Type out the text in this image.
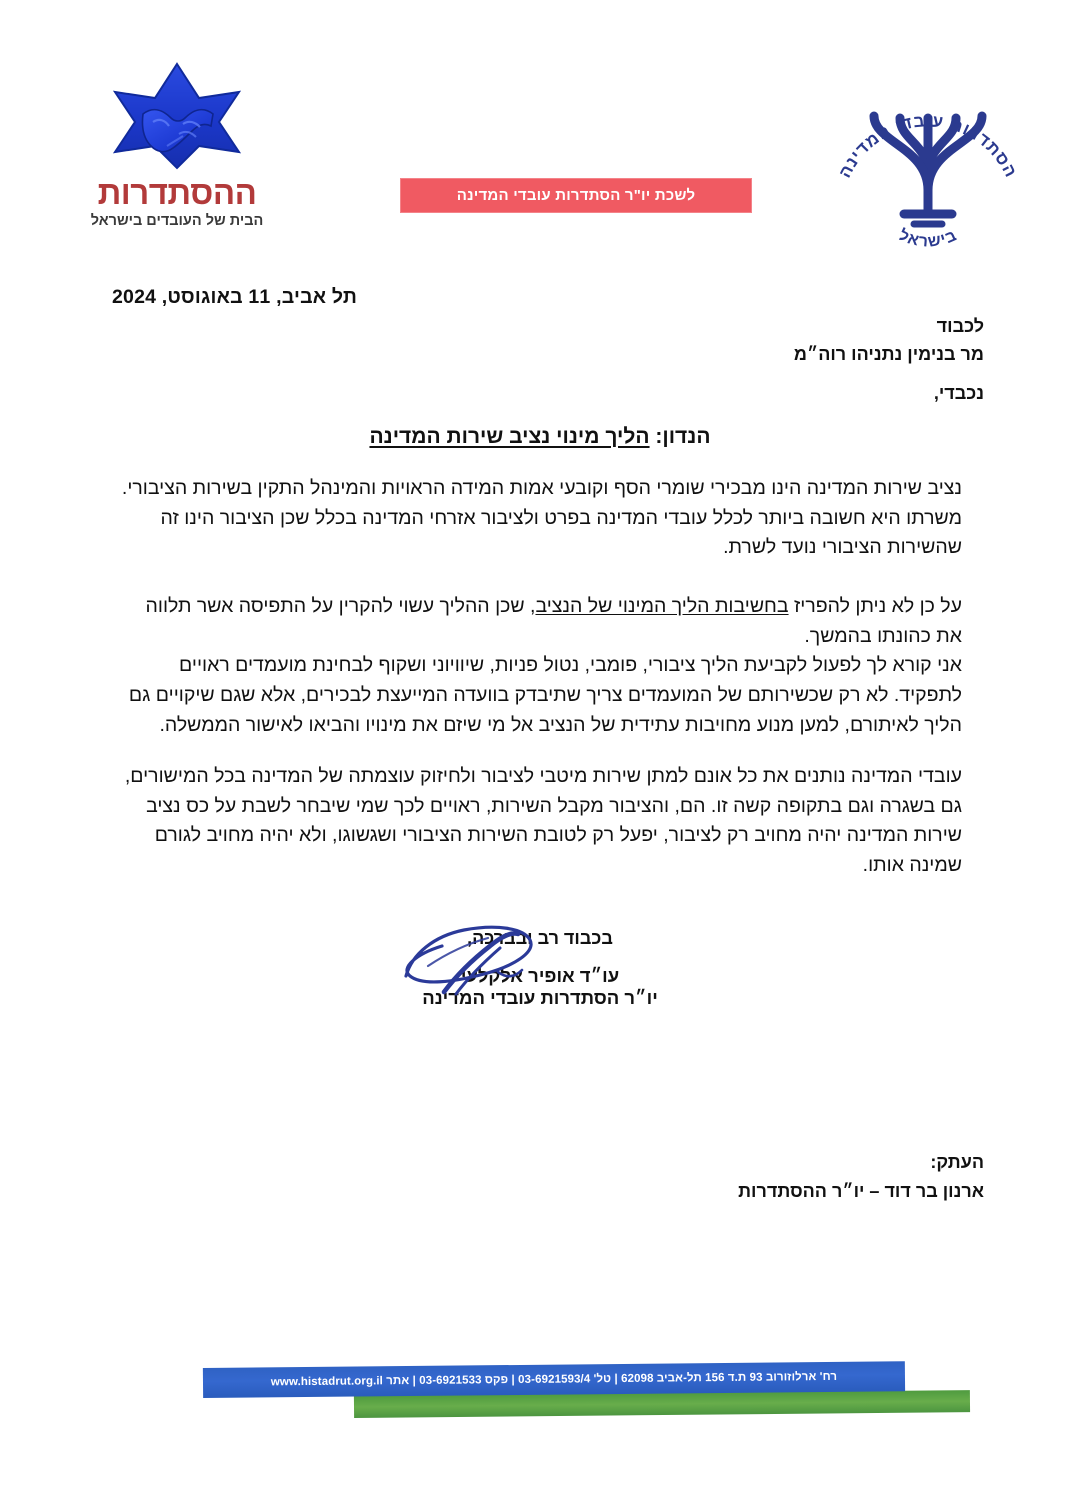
ההסתדרות
הבית של העובדים בישראל
לשכת יו"ר הסתדרות עובדי המדינה
הסתדרות עובדי המדינה
בישראל
תל אביב, 11 באוגוסט, 2024
לכבוד
מר בנימין נתניהו רוה״מ
נכבדי,
הנדון: הליך מינוי נציב שירות המדינה

נציב שירות המדינה הינו מבכירי שומרי הסף וקובעי אמות המידה הראויות והמינהל התקין בשירות הציבורי.

משרתו היא חשובה ביותר לכלל עובדי המדינה בפרט ולציבור אזרחי המדינה בכלל שכן הציבור הינו זה שהשירות הציבורי נועד לשרת.

על כן לא ניתן להפריז בחשיבות הליך המינוי של הנציב, שכן ההליך עשוי להקרין על התפיסה אשר תלווה את כהונתו בהמשך.

אני קורא לך לפעול לקביעת הליך ציבורי, פומבי, נטול פניות, שיוויוני ושקוף לבחינת מועמדים ראויים לתפקיד. לא רק שכשירותם של המועמדים צריך שתיבדק בוועדה המייעצת לבכירים, אלא שגם שיקויים גם הליך לאיתורם, למען מנוע מחויבות עתידית של הנציב אל מי שיזם את מינויו והביאו לאישור הממשלה.

עובדי המדינה נותנים את כל אונם למתן שירות מיטבי לציבור ולחיזוק עוצמתה של המדינה בכל המישורים, גם בשגרה וגם בתקופה קשה זו. הם, והציבור מקבל השירות, ראויים לכך שמי שיבחר לשבת על כס נציב שירות המדינה יהיה מחויב רק לציבור, יפעל רק לטובת השירות הציבורי ושגשוגו, ולא יהיה מחויב לגורם שמינה אותו.

בכבוד רב ובברכה,
עו״ד אופיר אלקלעי
יו״ר הסתדרות עובדי המדינה
העתק:
ארנון בר דוד – יו״ר ההסתדרות
רח' ארלוזורוב 93 ת.ד 156 תל-אביב 62098 | טל' 03-6921593/4 | פקס 03-6921533 | אתר www.histadrut.org.il
